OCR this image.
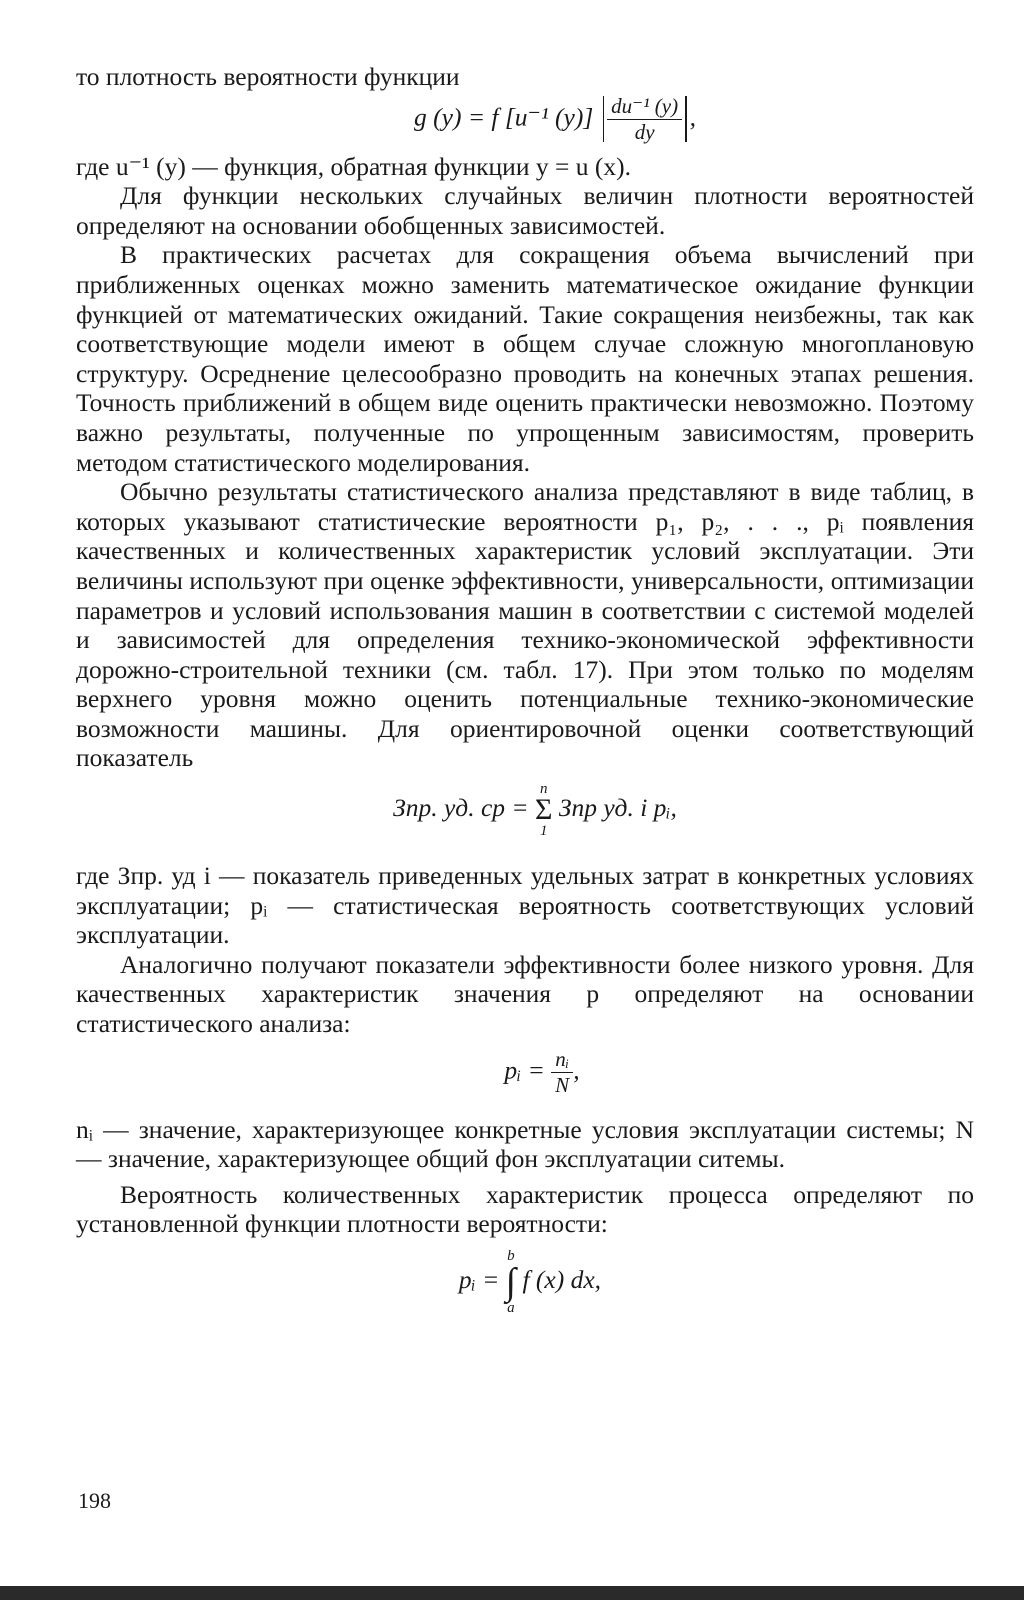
то плотность вероятности функции

g (y) = f [u⁻¹ $(y)] \frac{\text{du⁻¹ (y)}}{dy}$ ,

где u⁻¹ (y) — функция, обратная функции y = u (x).

Для функции нескольких случайных величин плотности вероятностей определяют на основании обобщенных зависимостей.

В практических расчетах для сокращения объема вычислений при приближенных оценках можно заменить математическое ожидание функции функцией от математических ожиданий. Такие сокращения неизбежны, так как соответствующие модели имеют в общем случае сложную многоплановую структуру. Осреднение целесообразно проводить на конечных этапах решения. Точность приближений в общем виде оценить практически невозможно. Поэтому важно результаты, полученные по упрощенным зависимостям, проверить методом статистического моделирования.

Обычно результаты статистического анализа представляют в виде таблиц, в которых указывают статистические вероятности p₁, p₂, . . ., pᵢ появления качественных и количественных характеристик условий эксплуатации. Эти величины используют при оценке эффективности, универсальности, оптимизации параметров и условий использования машин в соответствии с системой моделей и зависимостей для определения технико-экономической эффективности дорожно-строительной техники (см. табл. 17). При этом только по моделям верхнего уровня можно оценить потенциальные технико-экономические возможности машины. Для ориентировочной оценки соответствующий показатель

Зпр. уд. ср =
n
Σ
1
Зпр уд. i pᵢ,

где Зпр. уд i — показатель приведенных удельных затрат в конкретных условиях эксплуатации; pᵢ — статистическая вероятность соответствующих условий эксплуатации.

Аналогично получают показатели эффективности более низкого уровня. Для качественных характеристик значения p определяют на основании статистического анализа:

pᵢ = $\frac{\text{nᵢ}}{N}$ ,

nᵢ — значение, характеризующее конкретные условия эксплуатации системы; N — значение, характеризующее общий фон эксплуатации ситемы.

Вероятность количественных характеристик процесса определяют по установленной функции плотности вероятности:

pᵢ =
b
∫
a
f (x) dx,
198
